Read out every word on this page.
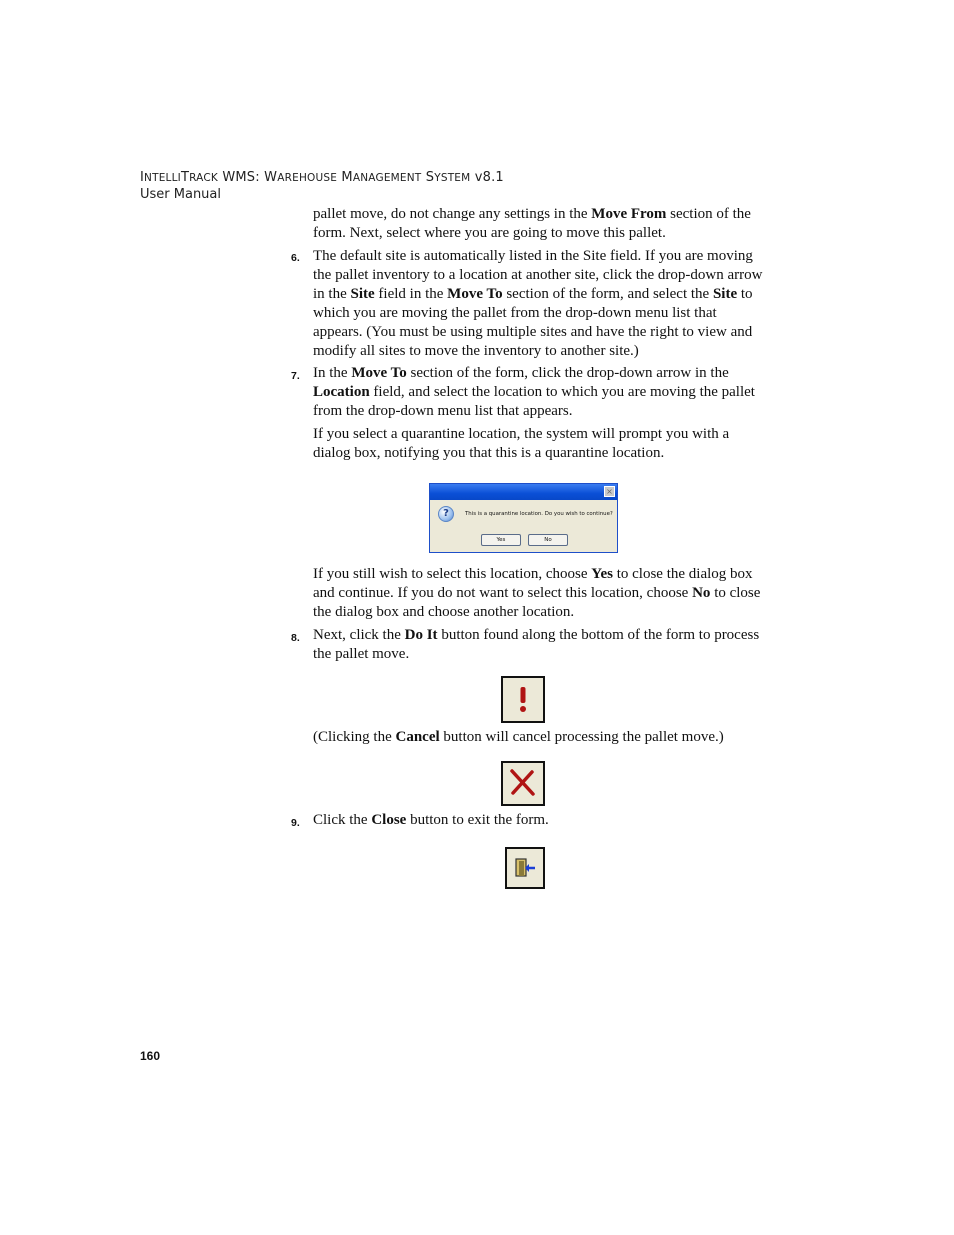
INTELLITRACK WMS: WAREHOUSE MANAGEMENT SYSTEM v8.1
User Manual

pallet move, do not change any settings in the Move From section of the form. Next, select where you are going to move this pallet.

6. The default site is automatically listed in the Site field. If you are moving the pallet inventory to a location at another site, click the drop-down arrow in the Site field in the Move To section of the form, and select the Site to which you are moving the pallet from the drop-down menu list that appears. (You must be using multiple sites and have the right to view and modify all sites to move the inventory to another site.)

7. In the Move To section of the form, click the drop-down arrow in the Location field, and select the location to which you are moving the pallet from the drop-down menu list that appears.

If you select a quarantine location, the system will prompt you with a dialog box, notifying you that this is a quarantine location.

×
?	This is a quarantine location. Do you wish to continue?
Yes	No

If you still wish to select this location, choose Yes to close the dialog box and continue. If you do not want to select this location, choose No to close the dialog box and choose another location.

8. Next, click the Do It button found along the bottom of the form to process the pallet move.

(Clicking the Cancel button will cancel processing the pallet move.)

9. Click the Close button to exit the form.

160
